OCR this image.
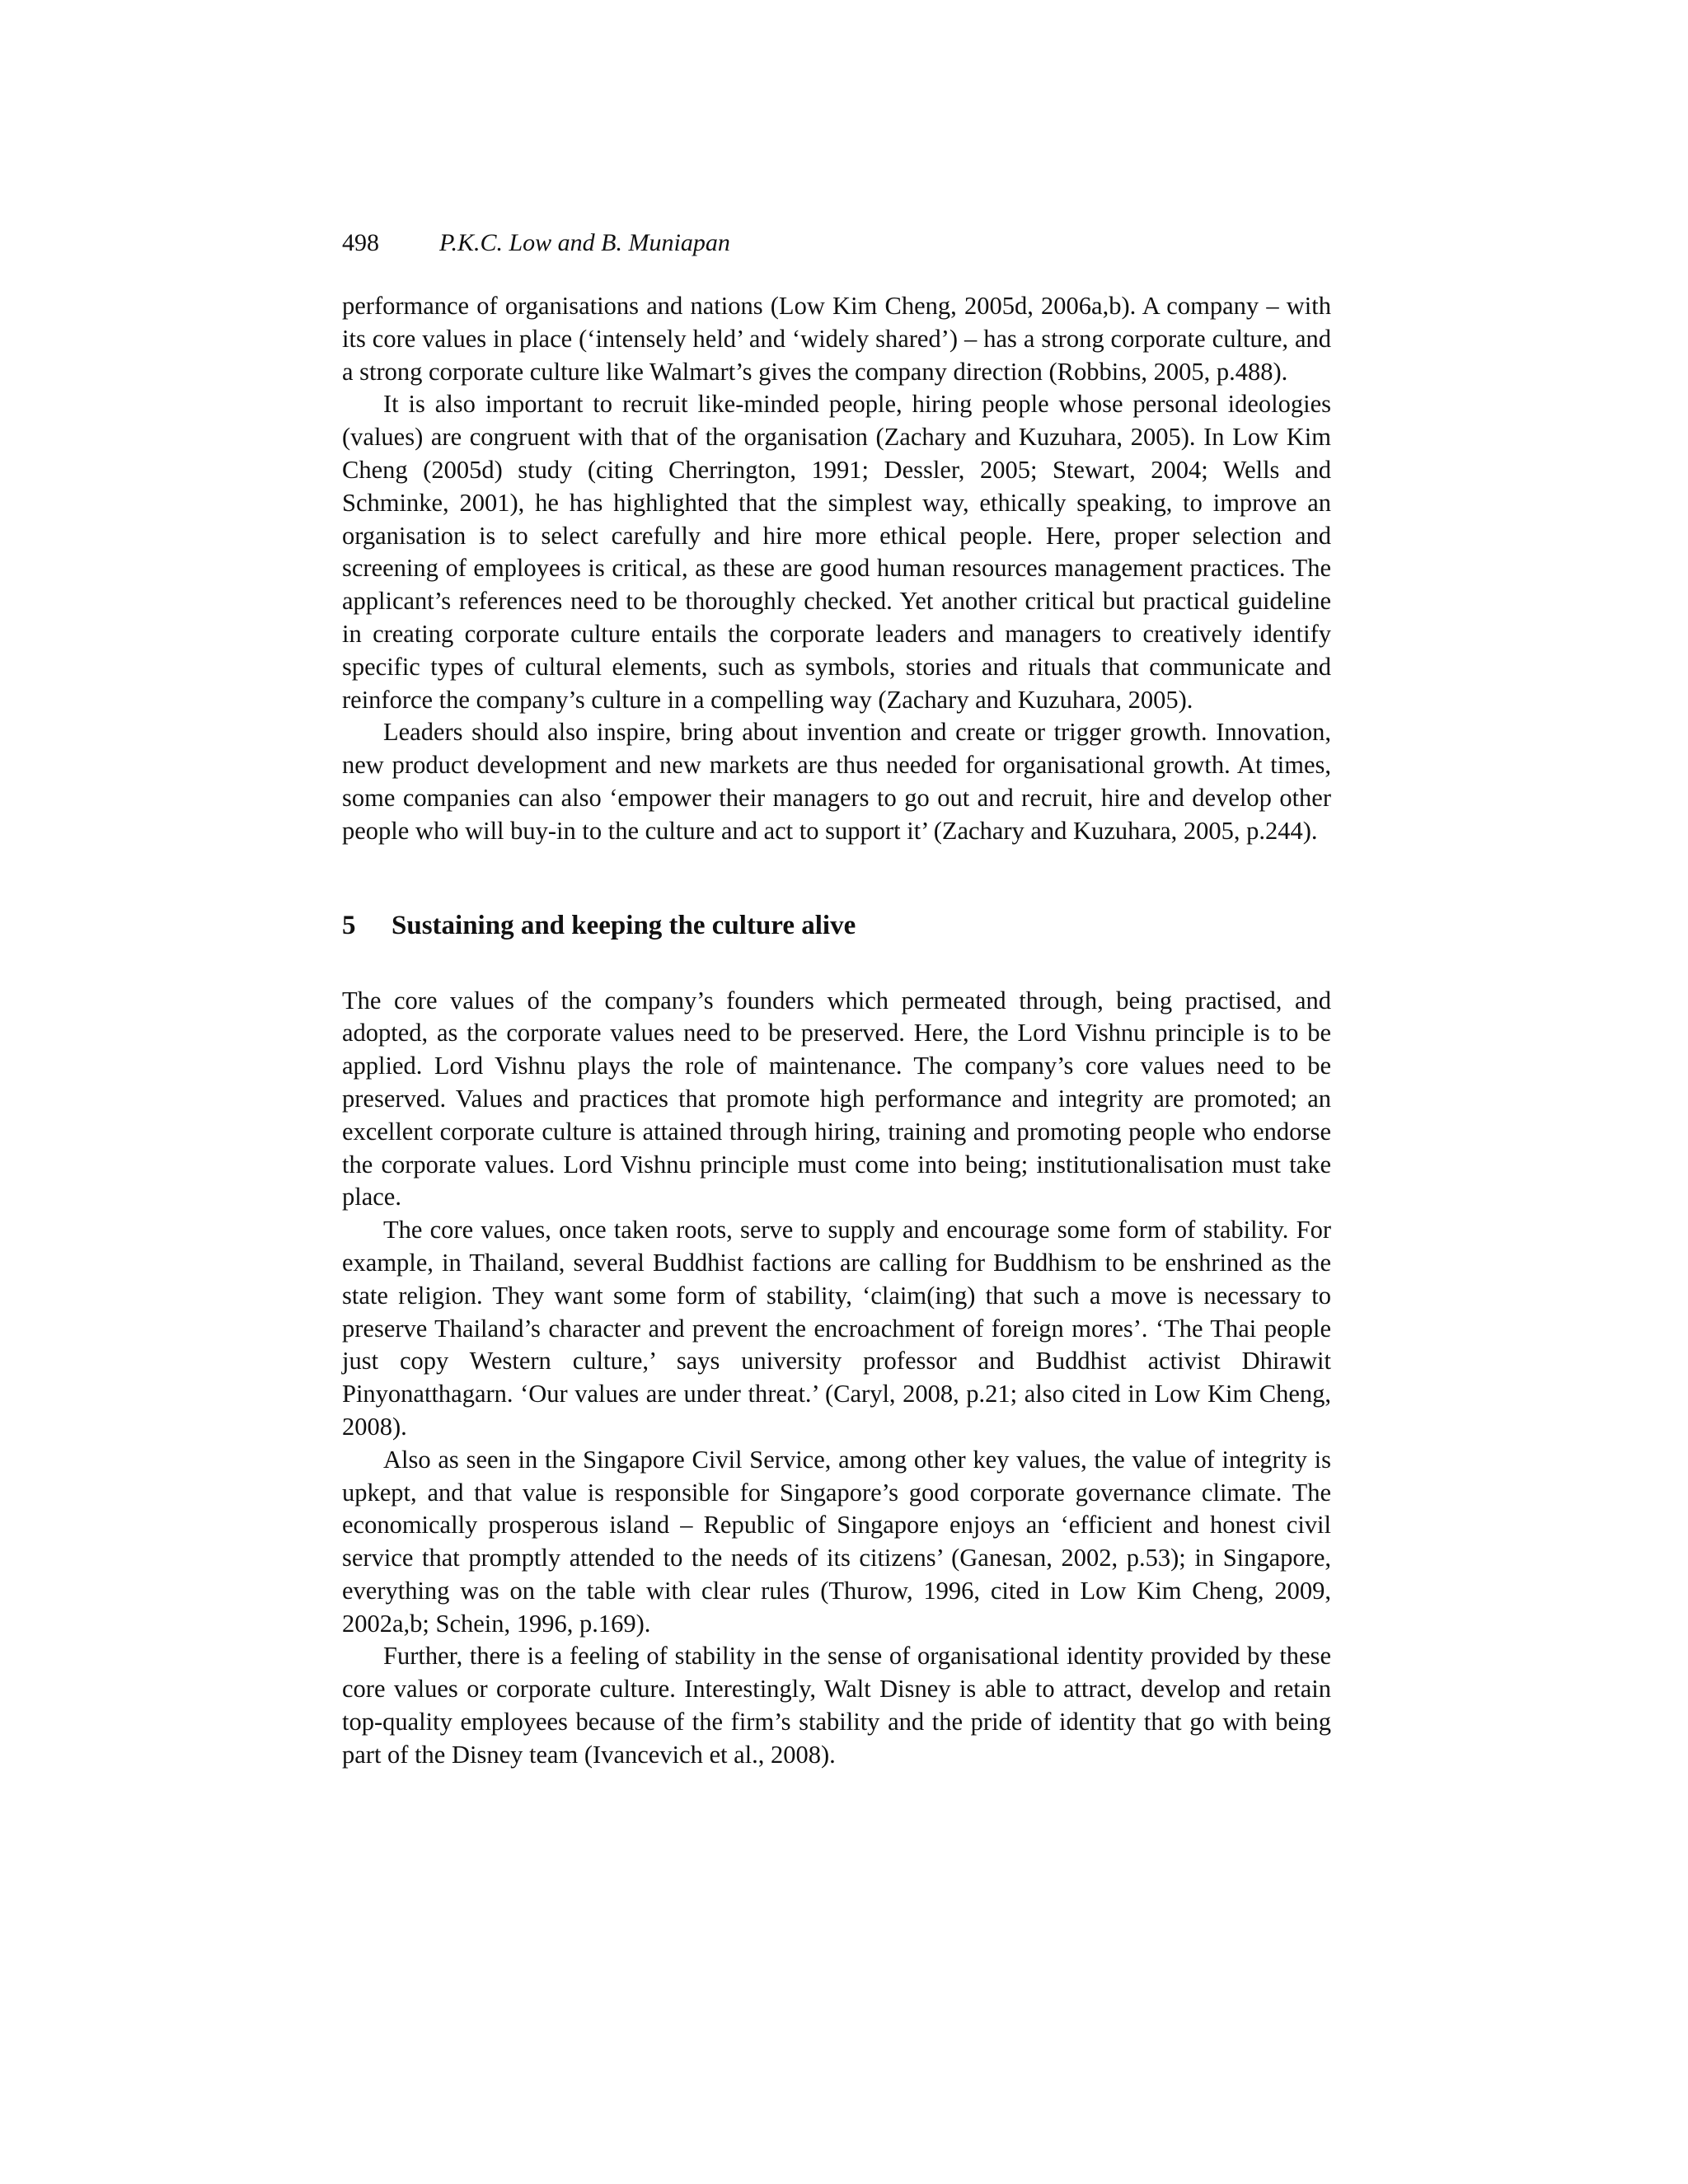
498 P.K.C. Low and B. Muniapan

performance of organisations and nations (Low Kim Cheng, 2005d, 2006a,b). A company – with its core values in place (‘intensely held’ and ‘widely shared’) – has a strong corporate culture, and a strong corporate culture like Walmart’s gives the company direction (Robbins, 2005, p.488).

It is also important to recruit like-minded people, hiring people whose personal ideologies (values) are congruent with that of the organisation (Zachary and Kuzuhara, 2005). In Low Kim Cheng (2005d) study (citing Cherrington, 1991; Dessler, 2005; Stewart, 2004; Wells and Schminke, 2001), he has highlighted that the simplest way, ethically speaking, to improve an organisation is to select carefully and hire more ethical people. Here, proper selection and screening of employees is critical, as these are good human resources management practices. The applicant’s references need to be thoroughly checked. Yet another critical but practical guideline in creating corporate culture entails the corporate leaders and managers to creatively identify specific types of cultural elements, such as symbols, stories and rituals that communicate and reinforce the company’s culture in a compelling way (Zachary and Kuzuhara, 2005).

Leaders should also inspire, bring about invention and create or trigger growth. Innovation, new product development and new markets are thus needed for organisational growth. At times, some companies can also ‘empower their managers to go out and recruit, hire and develop other people who will buy-in to the culture and act to support it’ (Zachary and Kuzuhara, 2005, p.244).

5 Sustaining and keeping the culture alive

The core values of the company’s founders which permeated through, being practised, and adopted, as the corporate values need to be preserved. Here, the Lord Vishnu principle is to be applied. Lord Vishnu plays the role of maintenance. The company’s core values need to be preserved. Values and practices that promote high performance and integrity are promoted; an excellent corporate culture is attained through hiring, training and promoting people who endorse the corporate values. Lord Vishnu principle must come into being; institutionalisation must take place.

The core values, once taken roots, serve to supply and encourage some form of stability. For example, in Thailand, several Buddhist factions are calling for Buddhism to be enshrined as the state religion. They want some form of stability, ‘claim(ing) that such a move is necessary to preserve Thailand’s character and prevent the encroachment of foreign mores’. ‘The Thai people just copy Western culture,’ says university professor and Buddhist activist Dhirawit Pinyonatthagarn. ‘Our values are under threat.’ (Caryl, 2008, p.21; also cited in Low Kim Cheng, 2008).

Also as seen in the Singapore Civil Service, among other key values, the value of integrity is upkept, and that value is responsible for Singapore’s good corporate governance climate. The economically prosperous island – Republic of Singapore enjoys an ‘efficient and honest civil service that promptly attended to the needs of its citizens’ (Ganesan, 2002, p.53); in Singapore, everything was on the table with clear rules (Thurow, 1996, cited in Low Kim Cheng, 2009, 2002a,b; Schein, 1996, p.169).

Further, there is a feeling of stability in the sense of organisational identity provided by these core values or corporate culture. Interestingly, Walt Disney is able to attract, develop and retain top-quality employees because of the firm’s stability and the pride of identity that go with being part of the Disney team (Ivancevich et al., 2008).
